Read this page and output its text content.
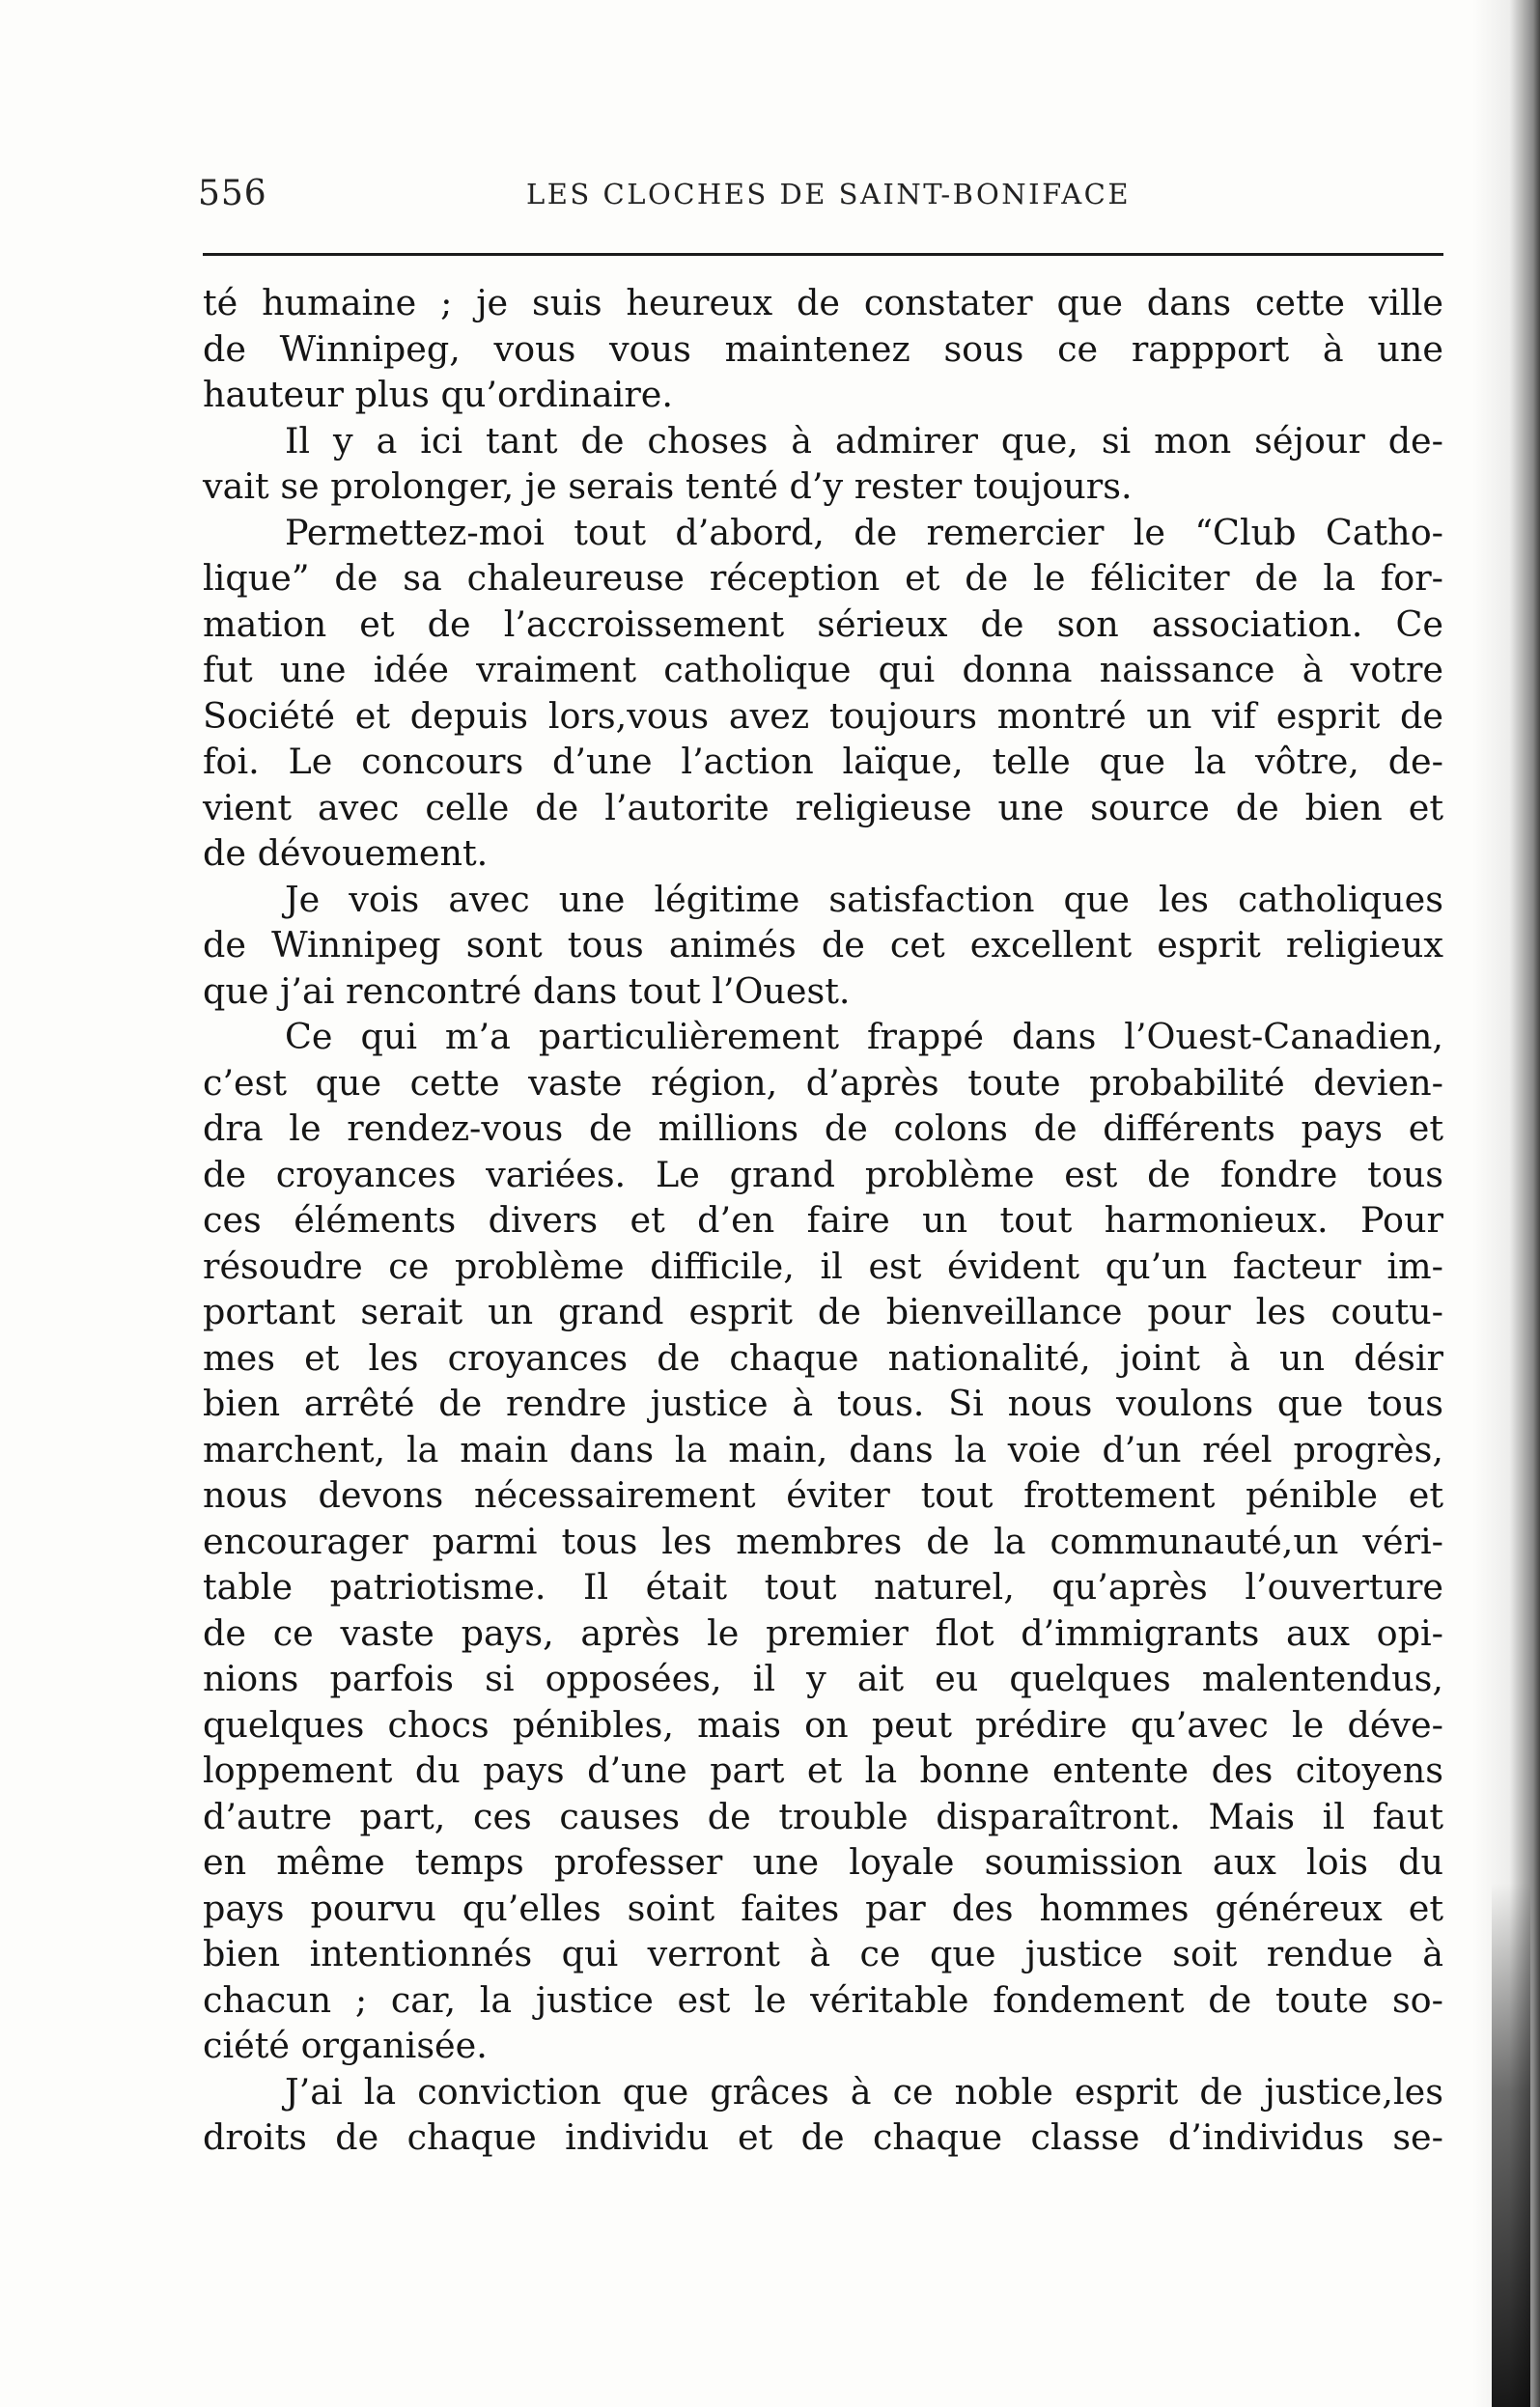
556	LES CLOCHES DE SAINT-BONIFACE
té humaine ; je suis heureux de constater que dans cette ville
de Winnipeg, vous vous maintenez sous ce rappport à une
hauteur plus qu’ordinaire.
Il y a ici tant de choses à admirer que, si mon séjour de-
vait se prolonger, je serais tenté d’y rester toujours.
Permettez-moi tout d’abord, de remercier le “Club Catho-
lique” de sa chaleureuse réception et de le féliciter de la for-
mation et de l’accroissement sérieux de son association. Ce
fut une idée vraiment catholique qui donna naissance à votre
Société et depuis lors,vous avez toujours montré un vif esprit de
foi. Le concours d’une l’action laïque, telle que la vôtre, de-
vient avec celle de l’autorite religieuse une source de bien et
de dévouement.
Je vois avec une légitime satisfaction que les catholiques
de Winnipeg sont tous animés de cet excellent esprit religieux
que j’ai rencontré dans tout l’Ouest.
Ce qui m’a particulièrement frappé dans l’Ouest-Canadien,
c’est que cette vaste région, d’après toute probabilité devien-
dra le rendez-vous de millions de colons de différents pays et
de croyances variées. Le grand problème est de fondre tous
ces éléments divers et d’en faire un tout harmonieux. Pour
résoudre ce problème difficile, il est évident qu’un facteur im-
portant serait un grand esprit de bienveillance pour les coutu-
mes et les croyances de chaque nationalité, joint à un désir
bien arrêté de rendre justice à tous. Si nous voulons que tous
marchent, la main dans la main, dans la voie d’un réel progrès,
nous devons nécessairement éviter tout frottement pénible et
encourager parmi tous les membres de la communauté,un véri-
table patriotisme. Il était tout naturel, qu’après l’ouverture
de ce vaste pays, après le premier flot d’immigrants aux opi-
nions parfois si opposées, il y ait eu quelques malentendus,
quelques chocs pénibles, mais on peut prédire qu’avec le déve-
loppement du pays d’une part et la bonne entente des citoyens
d’autre part, ces causes de trouble disparaîtront. Mais il faut
en même temps professer une loyale soumission aux lois du
pays pourvu qu’elles soint faites par des hommes généreux et
bien intentionnés qui verront à ce que justice soit rendue à
chacun ; car, la justice est le véritable fondement de toute so-
ciété organisée.
J’ai la conviction que grâces à ce noble esprit de justice,les
droits de chaque individu et de chaque classe d’individus se-
